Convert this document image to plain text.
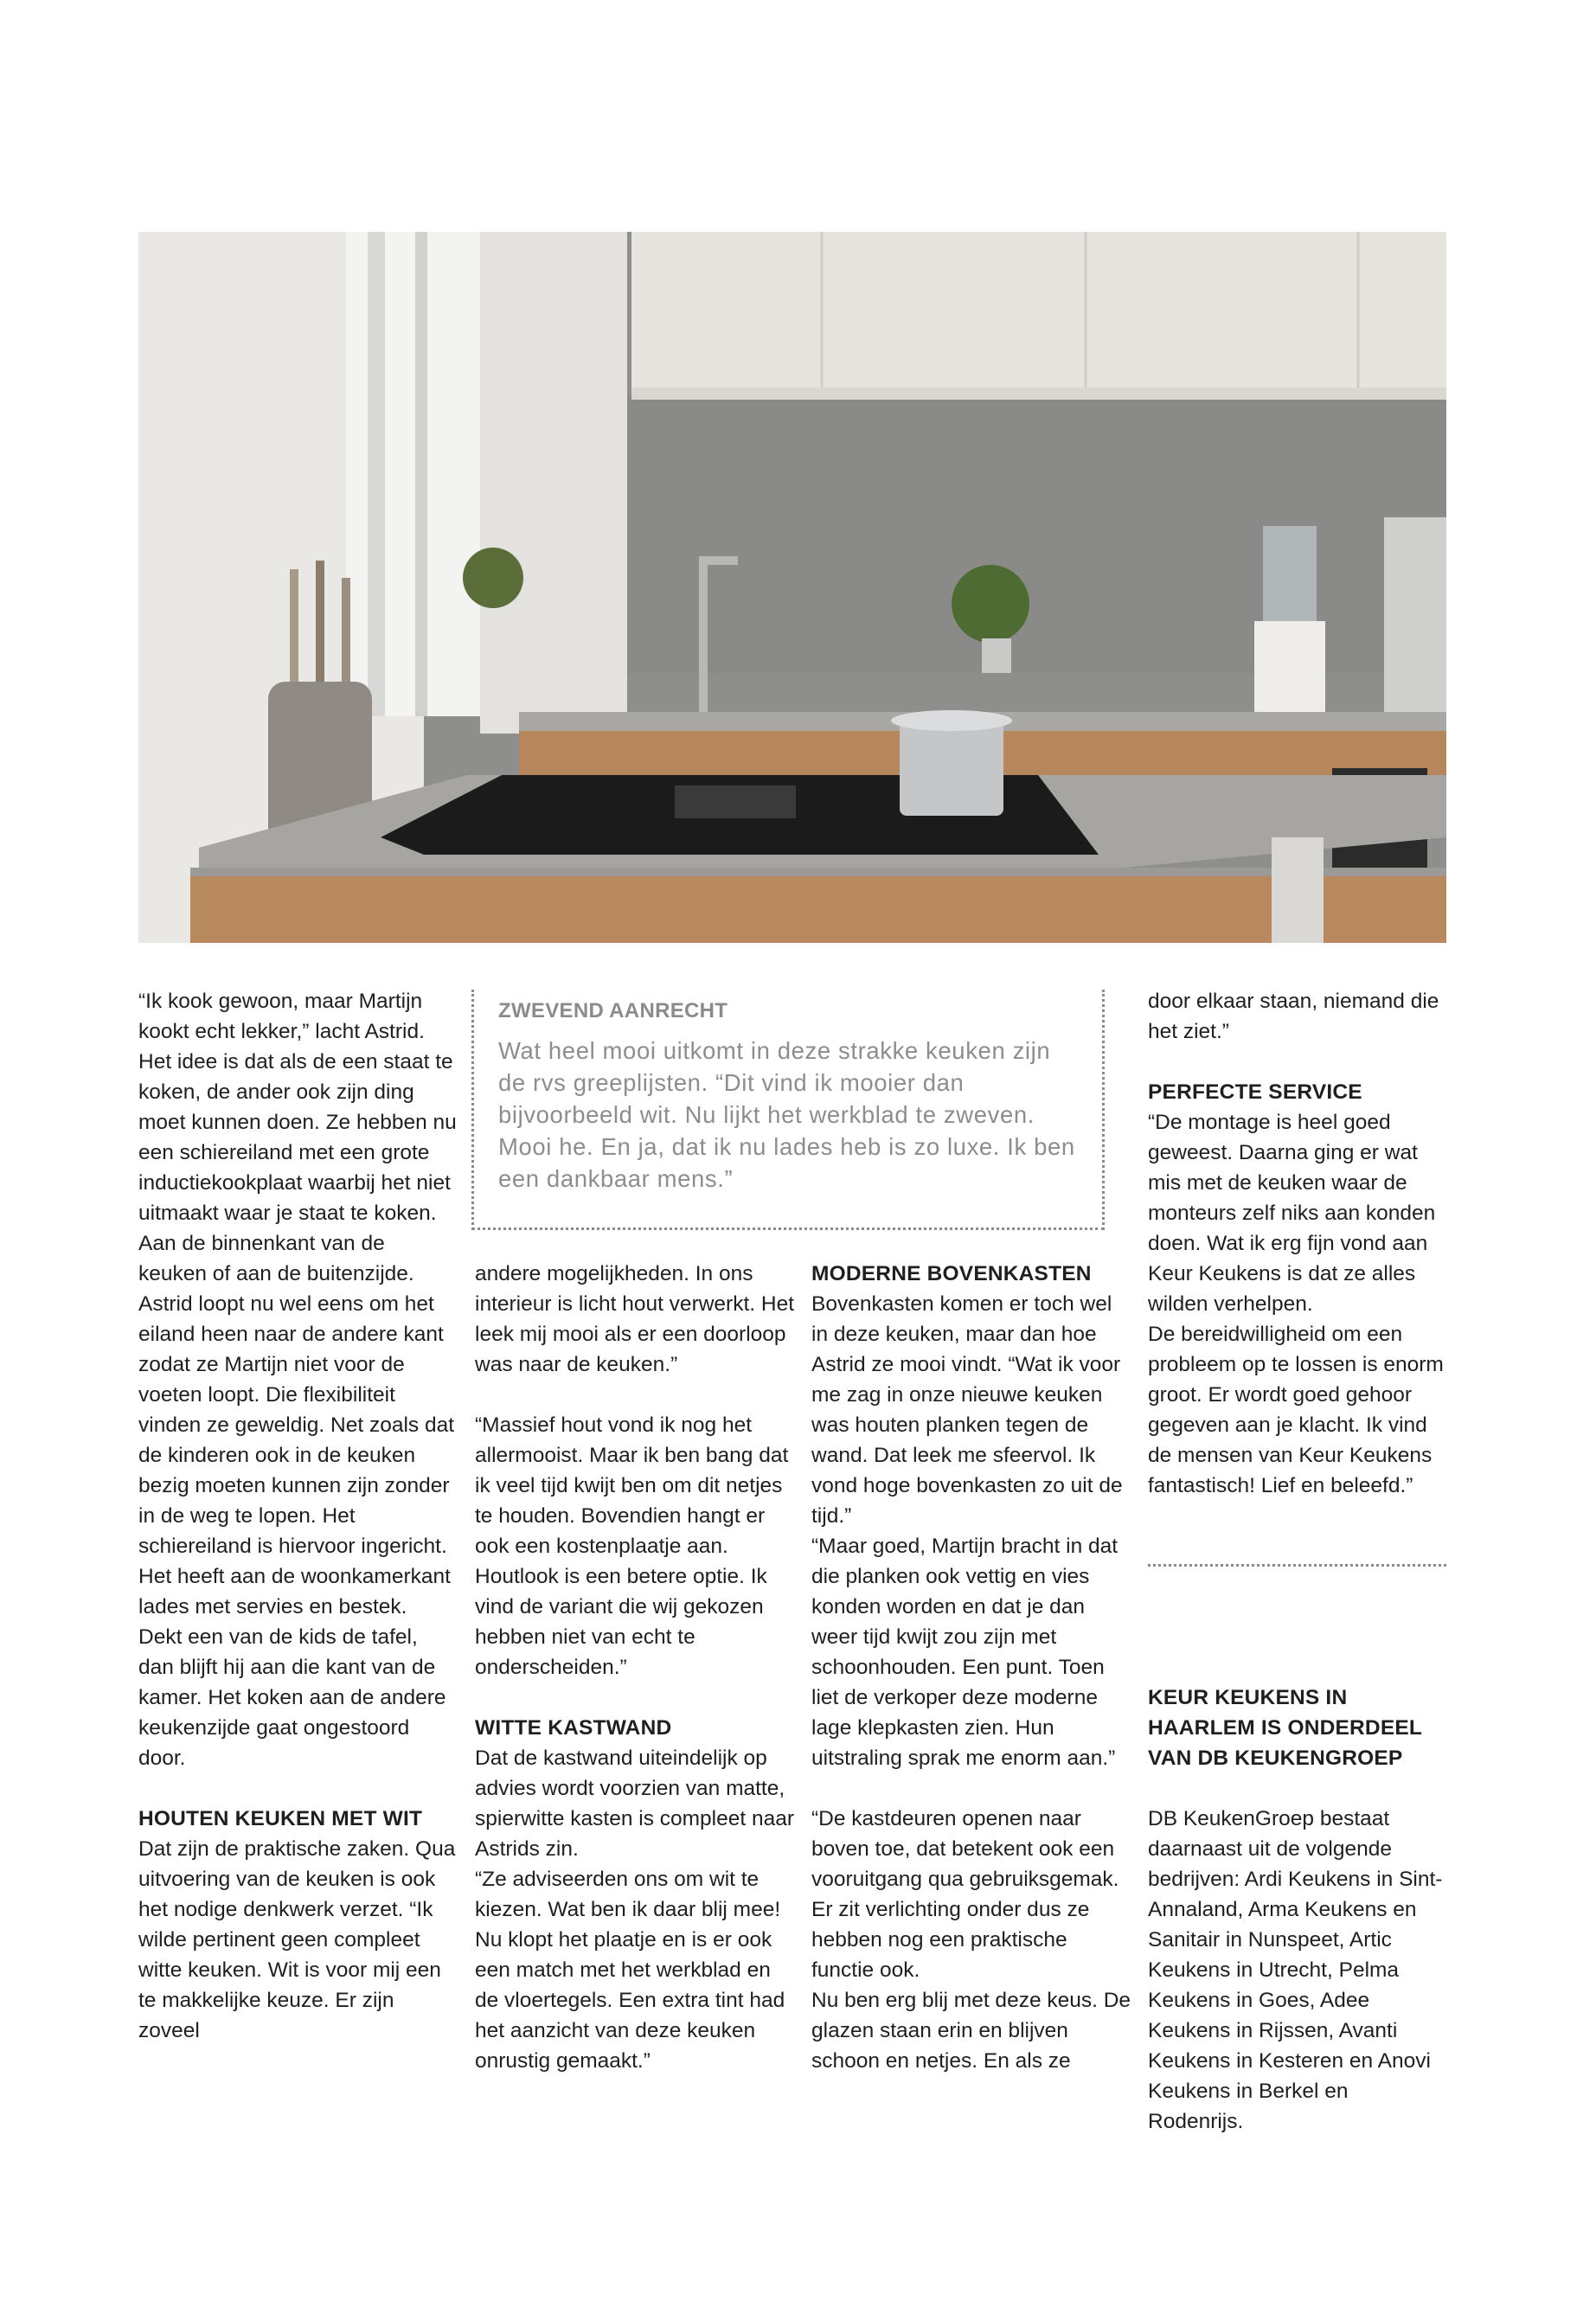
“Ik kook gewoon, maar Martijn kookt echt lekker,” lacht Astrid. Het idee is dat als de een staat te koken, de ander ook zijn ding moet kunnen doen. Ze hebben nu een schiereiland met een grote inductiekookplaat waarbij het niet uitmaakt waar je staat te koken. Aan de binnenkant van de keuken of aan de buitenzijde. Astrid loopt nu wel eens om het eiland heen naar de andere kant zodat ze Martijn niet voor de voeten loopt. Die flexibiliteit vinden ze geweldig. Net zoals dat de kinderen ook in de keuken bezig moeten kunnen zijn zonder in de weg te lopen. Het schiereiland is hiervoor ingericht. Het heeft aan de woonkamerkant lades met servies en bestek.

Dekt een van de kids de tafel, dan blijft hij aan die kant van de kamer. Het koken aan de andere keukenzijde gaat ongestoord door.

HOUTEN KEUKEN MET WIT

Dat zijn de praktische zaken. Qua uitvoering van de keuken is ook het nodige denkwerk verzet. “Ik wilde pertinent geen compleet witte keuken. Wit is voor mij een te makkelijke keuze. Er zijn zoveel

ZWEVEND AANRECHT

Wat heel mooi uitkomt in deze strakke keuken zijn de rvs greeplijsten. “Dit vind ik mooier dan bijvoorbeeld wit. Nu lijkt het werkblad te zweven. Mooi he. En ja, dat ik nu lades heb is zo luxe. Ik ben een dankbaar mens.”

andere mogelijkheden. In ons interieur is licht hout verwerkt. Het leek mij mooi als er een doorloop was naar de keuken.”

“Massief hout vond ik nog het allermooist. Maar ik ben bang dat ik veel tijd kwijt ben om dit netjes te houden. Bovendien hangt er ook een kostenplaatje aan. Houtlook is een betere optie. Ik vind de variant die wij gekozen hebben niet van echt te onderscheiden.”

WITTE KASTWAND

Dat de kastwand uiteindelijk op advies wordt voorzien van matte, spierwitte kasten is compleet naar Astrids zin.

“Ze adviseerden ons om wit te kiezen. Wat ben ik daar blij mee! Nu klopt het plaatje en is er ook een match met het werkblad en de vloertegels. Een extra tint had het aanzicht van deze keuken onrustig gemaakt.”

MODERNE BOVENKASTEN

Bovenkasten komen er toch wel in deze keuken, maar dan hoe Astrid ze mooi vindt. “Wat ik voor me zag in onze nieuwe keuken was houten planken tegen de wand. Dat leek me sfeervol. Ik vond hoge bovenkasten zo uit de tijd.”

“Maar goed, Martijn bracht in dat die planken ook vettig en vies konden worden en dat je dan weer tijd kwijt zou zijn met schoonhouden. Een punt. Toen liet de verkoper deze moderne lage klepkasten zien. Hun uitstraling sprak me enorm aan.”

“De kastdeuren openen naar boven toe, dat betekent ook een vooruitgang qua gebruiksgemak. Er zit verlichting onder dus ze hebben nog een praktische functie ook.

Nu ben erg blij met deze keus. De glazen staan erin en blijven schoon en netjes. En als ze

door elkaar staan, niemand die het ziet.”

PERFECTE SERVICE

“De montage is heel goed geweest. Daarna ging er wat mis met de keuken waar de monteurs zelf niks aan konden doen. Wat ik erg fijn vond aan Keur Keukens is dat ze alles wilden verhelpen.

De bereidwilligheid om een probleem op te lossen is enorm groot. Er wordt goed gehoor gegeven aan je klacht. Ik vind de mensen van Keur Keukens fantastisch! Lief en beleefd.”

KEUR KEUKENS IN HAARLEM IS ONDERDEEL VAN DB KEUKENGROEP

DB KeukenGroep bestaat daarnaast uit de volgende bedrijven: Ardi Keukens in Sint-Annaland, Arma Keukens en Sanitair in Nunspeet, Artic Keukens in Utrecht, Pelma Keukens in Goes, Adee Keukens in Rijssen, Avanti Keukens in Kesteren en Anovi Keukens in Berkel en Rodenrijs.
